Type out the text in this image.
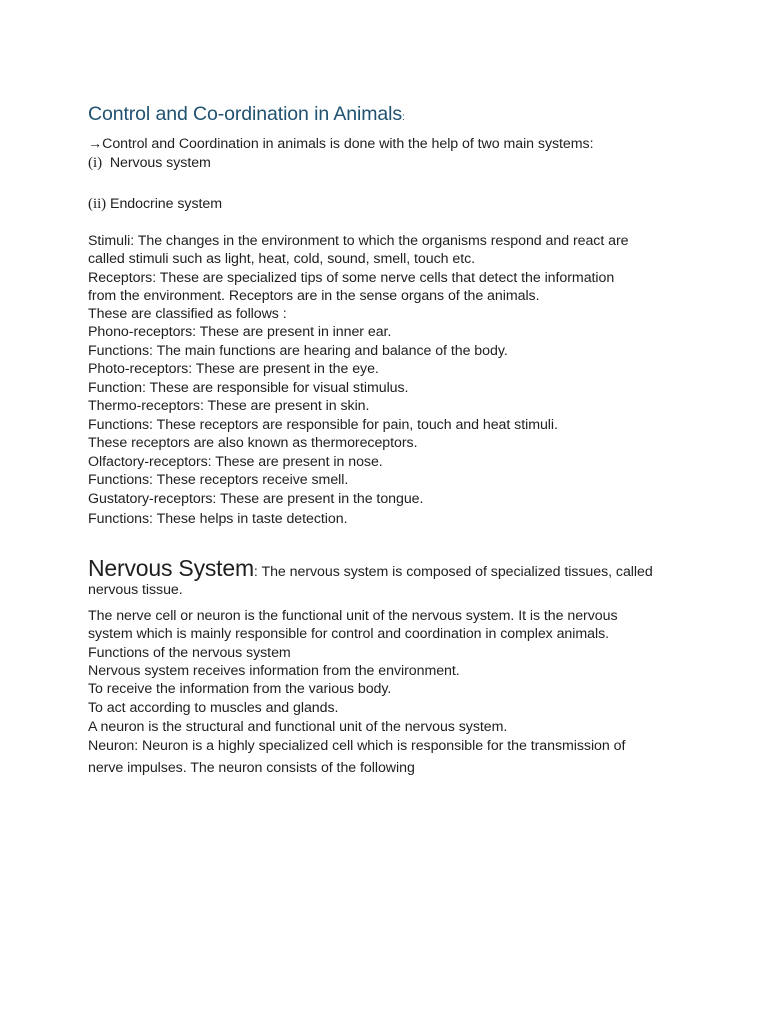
Control and Co-ordination in Animals:
→Control and Coordination in animals is done with the help of two main systems:
(i) Nervous system
(ii) Endocrine system
Stimuli: The changes in the environment to which the organisms respond and react are
called stimuli such as light, heat, cold, sound, smell, touch etc.
Receptors: These are specialized tips of some nerve cells that detect the information
from the environment. Receptors are in the sense organs of the animals.
These are classified as follows :
Phono-receptors: These are present in inner ear.
Functions: The main functions are hearing and balance of the body.
Photo-receptors: These are present in the eye.
Function: These are responsible for visual stimulus.
Thermo-receptors: These are present in skin.
Functions: These receptors are responsible for pain, touch and heat stimuli.
These receptors are also known as thermoreceptors.
Olfactory-receptors: These are present in nose.
Functions: These receptors receive smell.
Gustatory-receptors: These are present in the tongue.
Functions: These helps in taste detection.
Nervous System: The nervous system is composed of specialized tissues, called
nervous tissue.
The nerve cell or neuron is the functional unit of the nervous system. It is the nervous
system which is mainly responsible for control and coordination in complex animals.
Functions of the nervous system
Nervous system receives information from the environment.
To receive the information from the various body.
To act according to muscles and glands.
A neuron is the structural and functional unit of the nervous system.
Neuron: Neuron is a highly specialized cell which is responsible for the transmission of
nerve impulses. The neuron consists of the following
